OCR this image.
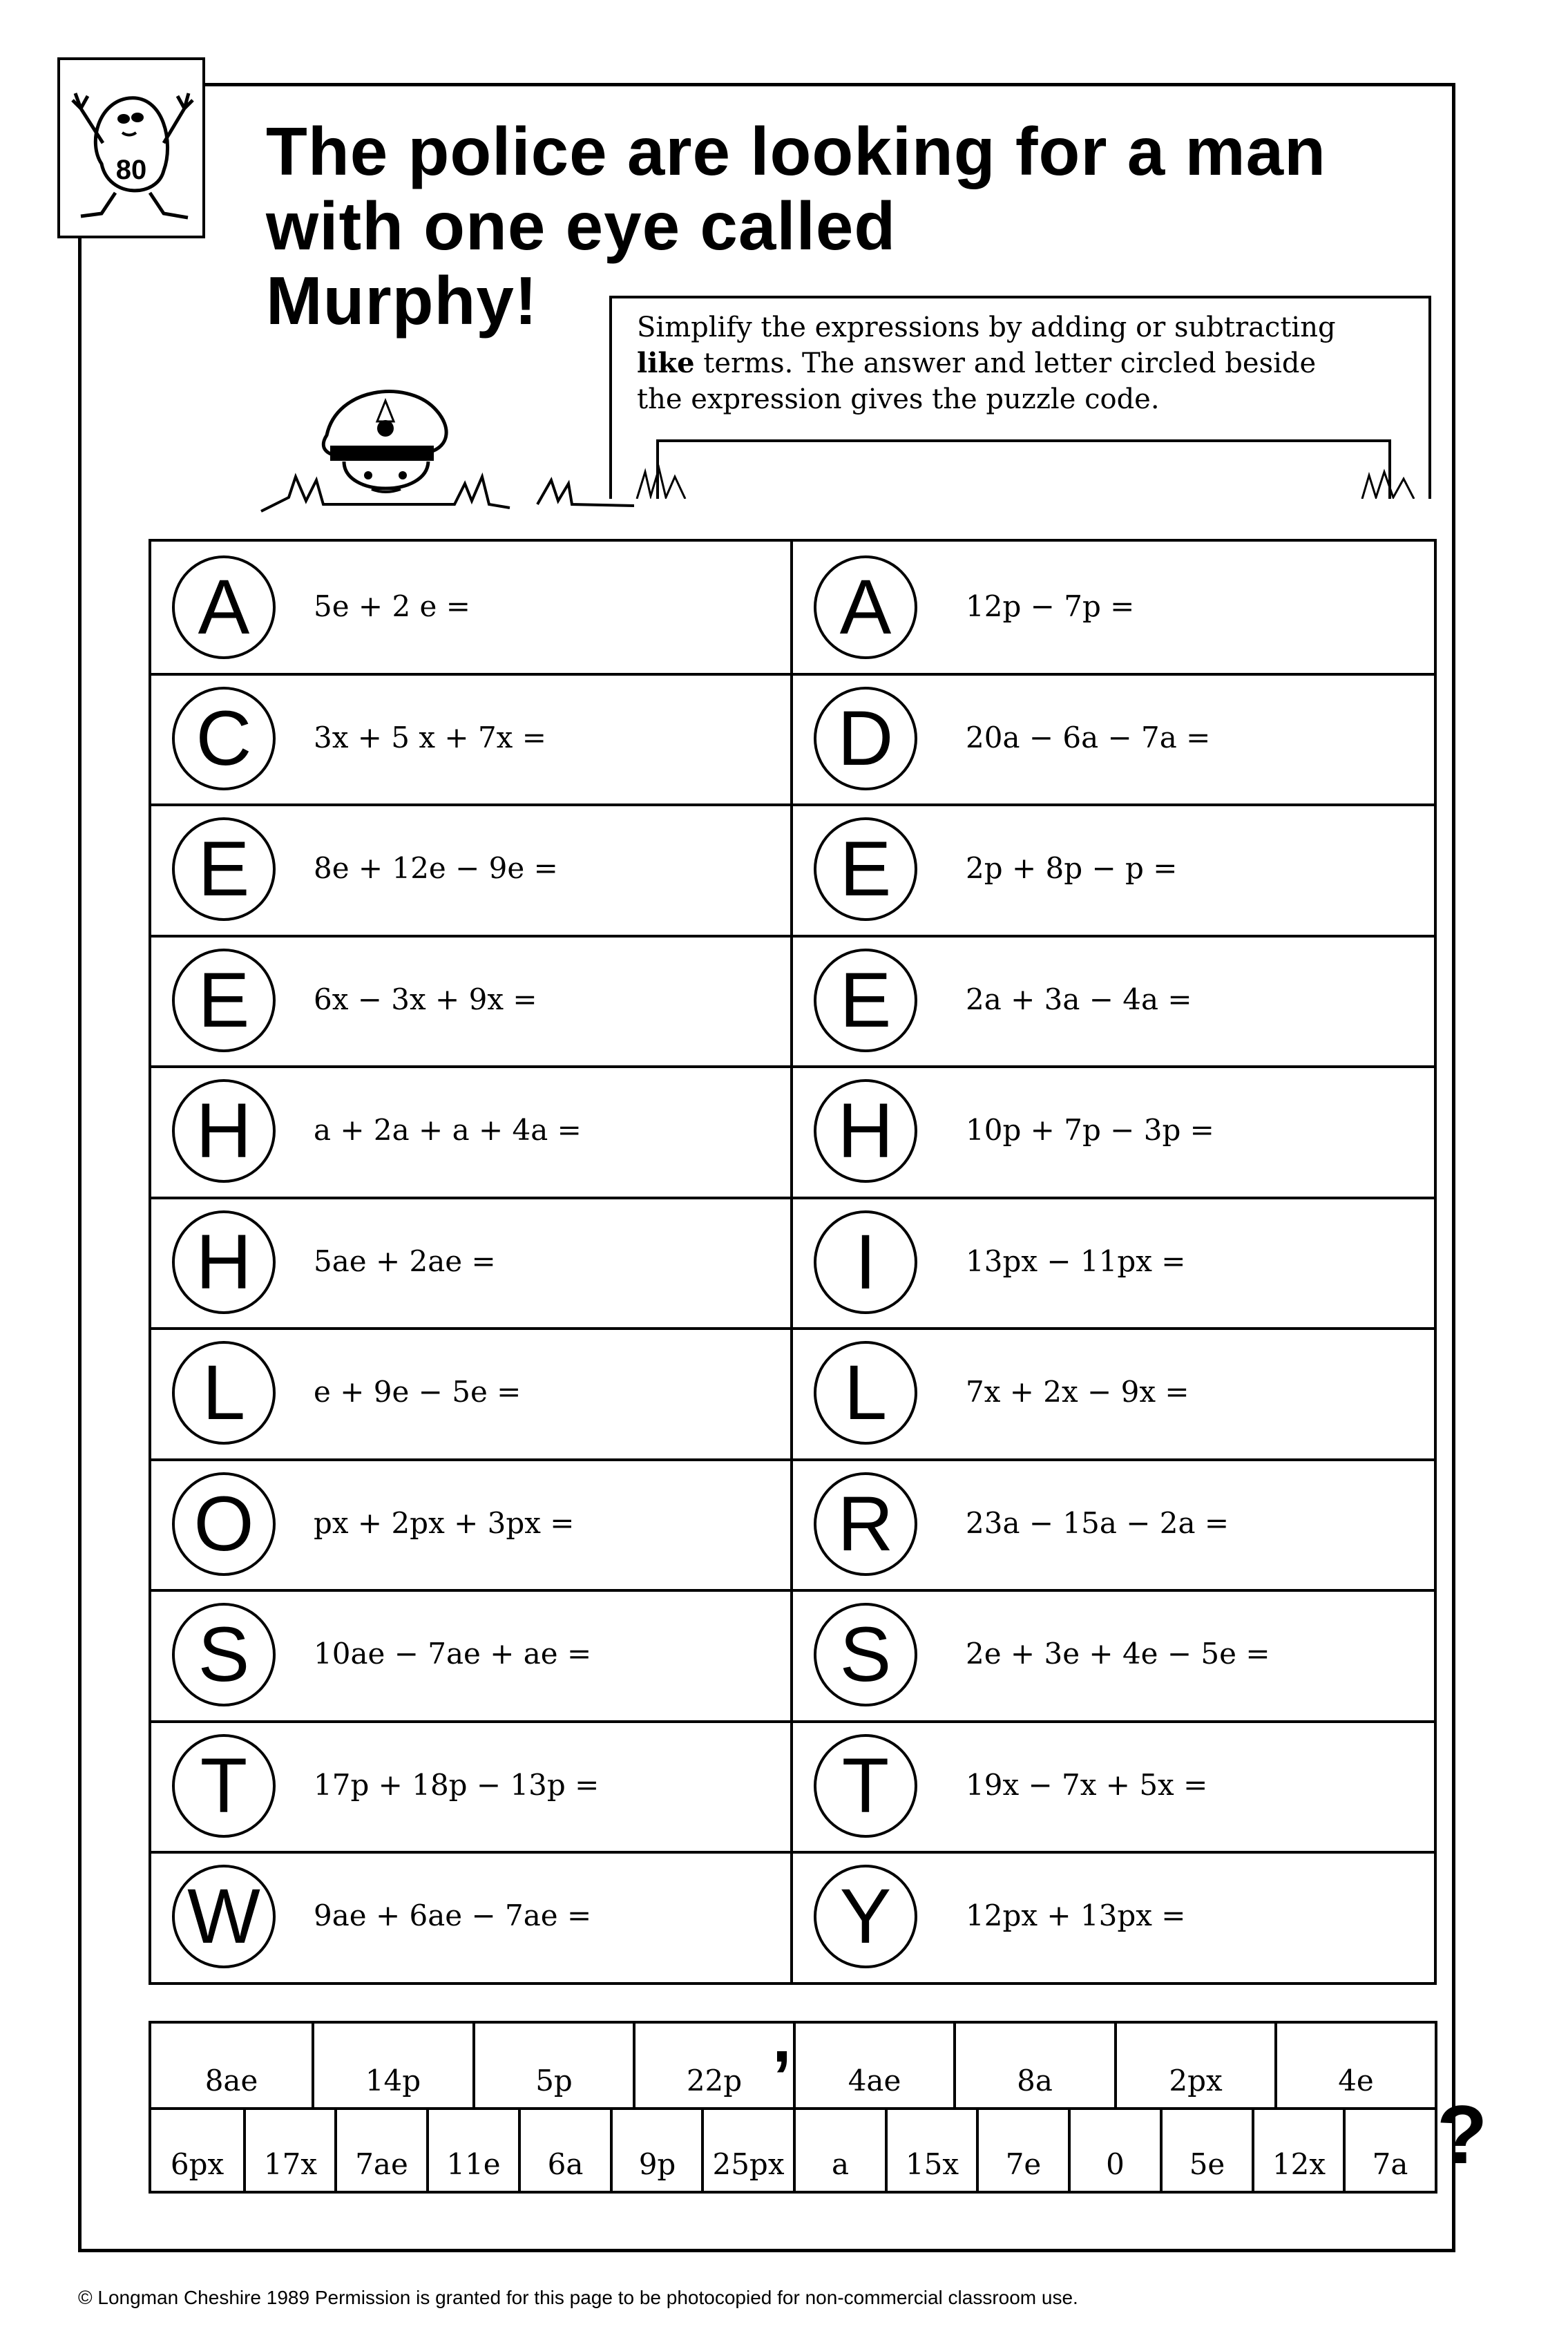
80 The police are looking for a man
with one eye called
Murphy!	Simplify the expressions by adding or subtracting
like terms. The answer and letter circled beside
the expression gives the puzzle code.
A	5e + 2 e =	A	12p − 7p =
C	3x + 5 x + 7x =	D	20a − 6a − 7a =
E	8e + 12e − 9e =	E	2p + 8p − p =
E	6x − 3x + 9x =	E	2a + 3a − 4a =
H	a + 2a + a + 4a =	H	10p + 7p − 3p =
H	5ae + 2ae =	I	13px − 11px =
L	e + 9e − 5e =	L	7x + 2x − 9x =
O	px + 2px + 3px =	R	23a − 15a − 2a =
S	10ae − 7ae + ae =	S	2e + 3e + 4e − 5e =
T	17p + 18p − 13p =	T	19x − 7x + 5x =
W	9ae + 6ae − 7ae =	Y	12px + 13px =
8ae	14p	5p	22p	4ae	8a	2px	4e
6px	17x	7ae	11e	6a	9p	25px	a	15x	7e	0	5e	12x	7a
,
?
© Longman Cheshire 1989 Permission is granted for this page to be photocopied for non-commercial classroom use.
